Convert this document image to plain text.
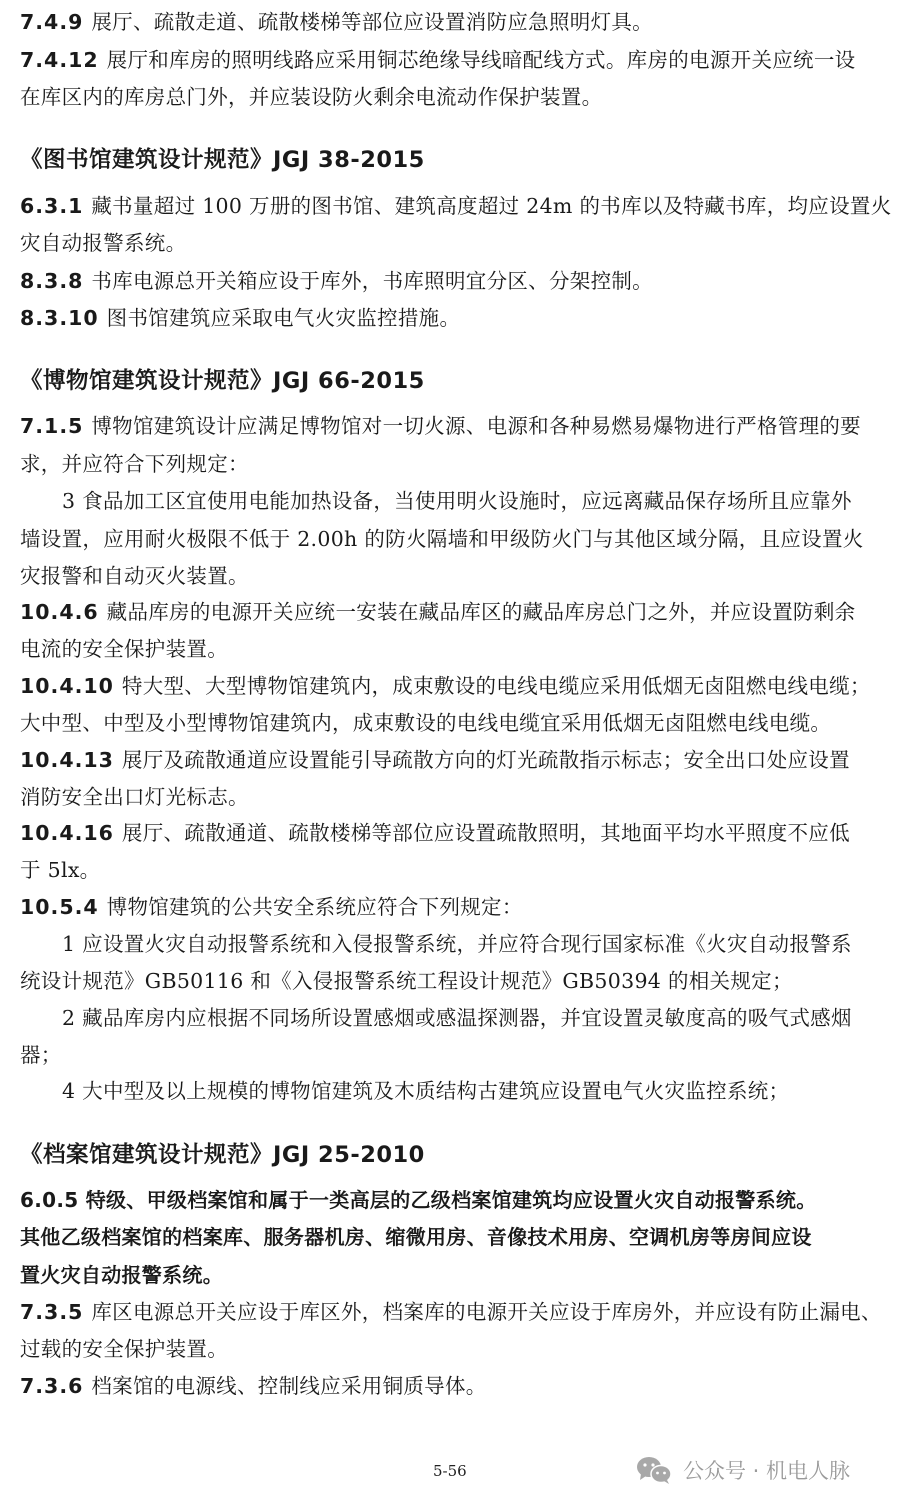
7.4.9 展厅、疏散走道、疏散楼梯等部位应设置消防应急照明灯具。
7.4.12 展厅和库房的照明线路应采用铜芯绝缘导线暗配线方式。库房的电源开关应统一设
在库区内的库房总门外，并应装设防火剩余电流动作保护装置。
《图书馆建筑设计规范》JGJ 38-2015
6.3.1 藏书量超过 100 万册的图书馆、建筑高度超过 24m 的书库以及特藏书库，均应设置火
灾自动报警系统。
8.3.8 书库电源总开关箱应设于库外，书库照明宜分区、分架控制。
8.3.10 图书馆建筑应采取电气火灾监控措施。
《博物馆建筑设计规范》JGJ 66-2015
7.1.5 博物馆建筑设计应满足博物馆对一切火源、电源和各种易燃易爆物进行严格管理的要
求，并应符合下列规定：
3 食品加工区宜使用电能加热设备，当使用明火设施时，应远离藏品保存场所且应靠外
墙设置，应用耐火极限不低于 2.00h 的防火隔墙和甲级防火门与其他区域分隔，且应设置火
灾报警和自动灭火装置。
10.4.6 藏品库房的电源开关应统一安装在藏品库区的藏品库房总门之外，并应设置防剩余
电流的安全保护装置。
10.4.10 特大型、大型博物馆建筑内，成束敷设的电线电缆应采用低烟无卤阻燃电线电缆；
大中型、中型及小型博物馆建筑内，成束敷设的电线电缆宜采用低烟无卤阻燃电线电缆。
10.4.13 展厅及疏散通道应设置能引导疏散方向的灯光疏散指示标志；安全出口处应设置
消防安全出口灯光标志。
10.4.16 展厅、疏散通道、疏散楼梯等部位应设置疏散照明，其地面平均水平照度不应低
于 5lx。
10.5.4 博物馆建筑的公共安全系统应符合下列规定：
1 应设置火灾自动报警系统和入侵报警系统，并应符合现行国家标准《火灾自动报警系
统设计规范》GB50116 和《入侵报警系统工程设计规范》GB50394 的相关规定；
2 藏品库房内应根据不同场所设置感烟或感温探测器，并宜设置灵敏度高的吸气式感烟
器；
4 大中型及以上规模的博物馆建筑及木质结构古建筑应设置电气火灾监控系统；
《档案馆建筑设计规范》JGJ 25-2010
6.0.5 特级、甲级档案馆和属于一类高层的乙级档案馆建筑均应设置火灾自动报警系统。
其他乙级档案馆的档案库、服务器机房、缩微用房、音像技术用房、空调机房等房间应设
置火灾自动报警系统。
7.3.5 库区电源总开关应设于库区外，档案库的电源开关应设于库房外，并应设有防止漏电、
过载的安全保护装置。
7.3.6 档案馆的电源线、控制线应采用铜质导体。
5-56	公众号 · 机电人脉
